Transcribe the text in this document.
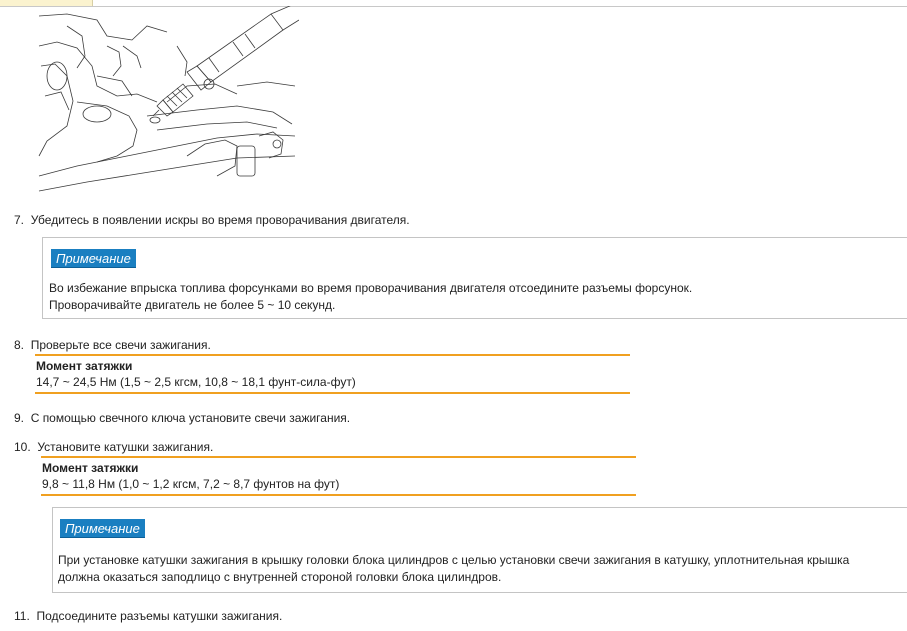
7. Убедитесь в появлении искры во время проворачивания двигателя.
Примечание
Во избежание впрыска топлива форсунками во время проворачивания двигателя отсоедините разъемы форсунок.
Проворачивайте двигатель не более 5 ~ 10 секунд.
8. Проверьте все свечи зажигания.
Момент затяжки
14,7 ~ 24,5 Нм (1,5 ~ 2,5 кгсм, 10,8 ~ 18,1 фунт-сила-фут)
9. С помощью свечного ключа установите свечи зажигания.
10. Установите катушки зажигания.
Момент затяжки
9,8 ~ 11,8 Нм (1,0 ~ 1,2 кгсм, 7,2 ~ 8,7 фунтов на фут)
Примечание
При установке катушки зажигания в крышку головки блока цилиндров с целью установки свечи зажигания в катушку, уплотнительная крышка
должна оказаться заподлицо с внутренней стороной головки блока цилиндров.
11. Подсоедините разъемы катушки зажигания.
